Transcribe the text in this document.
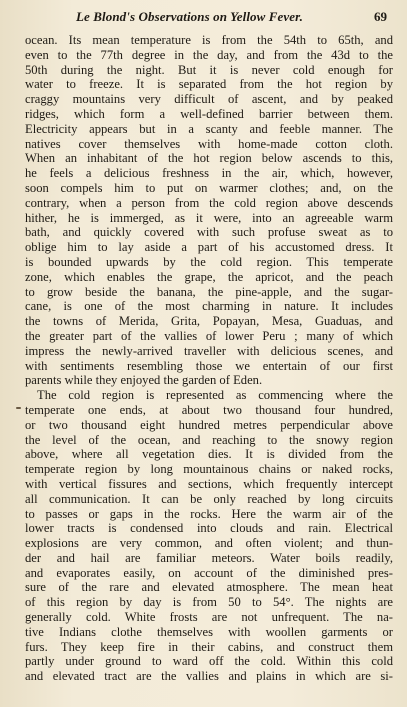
Le Blond's Observations on Yellow Fever.	69
ocean. Its mean temperature is from the 54th to 65th, and
even to the 77th degree in the day, and from the 43d to the
50th during the night. But it is never cold enough for
water to freeze. It is separated from the hot region by
craggy mountains very difficult of ascent, and by peaked
ridges, which form a well-defined barrier between them.
Electricity appears but in a scanty and feeble manner. The
natives cover themselves with home-made cotton cloth.
When an inhabitant of the hot region below ascends to this,
he feels a delicious freshness in the air, which, however,
soon compels him to put on warmer clothes; and, on the
contrary, when a person from the cold region above descends
hither, he is immerged, as it were, into an agreeable warm
bath, and quickly covered with such profuse sweat as to
oblige him to lay aside a part of his accustomed dress. It
is bounded upwards by the cold region. This temperate
zone, which enables the grape, the apricot, and the peach
to grow beside the banana, the pine-apple, and the sugar-
cane, is one of the most charming in nature. It includes
the towns of Merida, Grita, Popayan, Mesa, Guaduas, and
the greater part of the vallies of lower Peru ; many of which
impress the newly-arrived traveller with delicious scenes, and
with sentiments resembling those we entertain of our first
parents while they enjoyed the garden of Eden.
The cold region is represented as commencing where the
temperate one ends, at about two thousand four hundred,
or two thousand eight hundred metres perpendicular above
the level of the ocean, and reaching to the snowy region
above, where all vegetation dies. It is divided from the
temperate region by long mountainous chains or naked rocks,
with vertical fissures and sections, which frequently intercept
all communication. It can be only reached by long circuits
to passes or gaps in the rocks. Here the warm air of the
lower tracts is condensed into clouds and rain. Electrical
explosions are very common, and often violent; and thun-
der and hail are familiar meteors. Water boils readily,
and evaporates easily, on account of the diminished pres-
sure of the rare and elevated atmosphere. The mean heat
of this region by day is from 50 to 54°. The nights are
generally cold. White frosts are not unfrequent. The na-
tive Indians clothe themselves with woollen garments or
furs. They keep fire in their cabins, and construct them
partly under ground to ward off the cold. Within this cold
and elevated tract are the vallies and plains in which are si-
